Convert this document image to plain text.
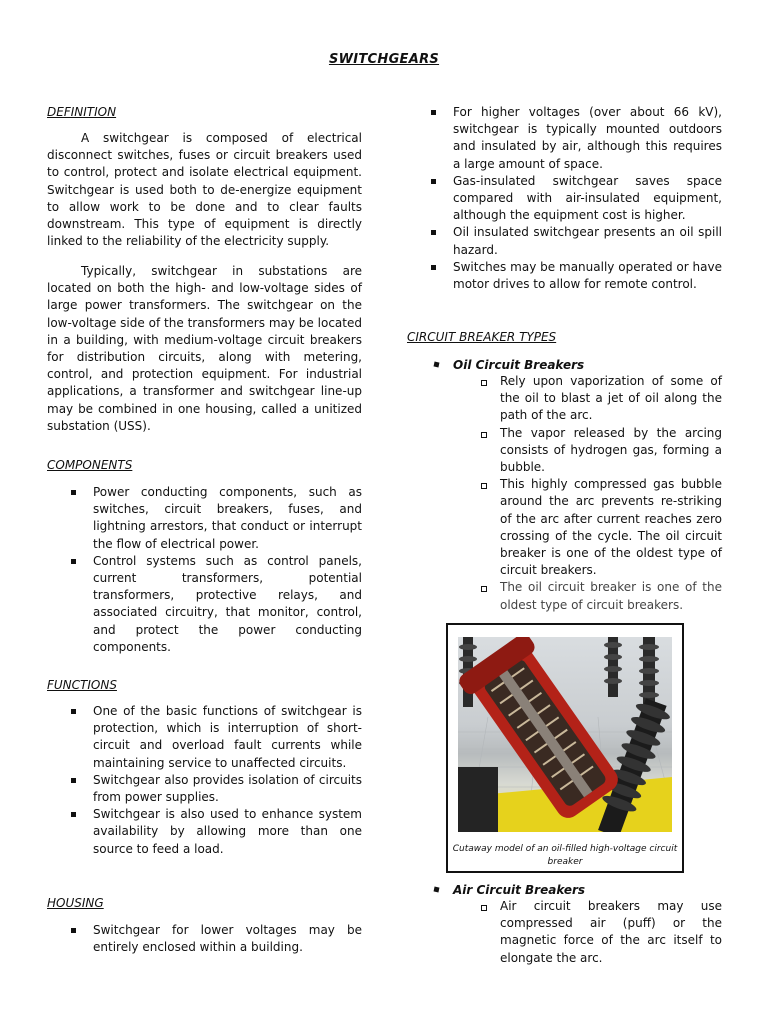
SWITCHGEARS
DEFINITION

A switchgear is composed of electrical disconnect switches, fuses or circuit breakers used to control, protect and isolate electrical equipment. Switchgear is used both to de-energize equipment to allow work to be done and to clear faults downstream. This type of equipment is directly linked to the reliability of the electricity supply.

Typically, switchgear in substations are located on both the high- and low-voltage sides of large power transformers. The switchgear on the low-voltage side of the transformers may be located in a building, with medium-voltage circuit breakers for distribution circuits, along with metering, control, and protection equipment. For industrial applications, a transformer and switchgear line-up may be combined in one housing, called a unitized substation (USS).

COMPONENTS
Power conducting components, such as switches, circuit breakers, fuses, and lightning arrestors, that conduct or interrupt the flow of electrical power.
Control systems such as control panels, current transformers, potential transformers, protective relays, and associated circuitry, that monitor, control, and protect the power conducting components.
FUNCTIONS
One of the basic functions of switchgear is protection, which is interruption of short-circuit and overload fault currents while maintaining service to unaffected circuits.
Switchgear also provides isolation of circuits from power supplies.
Switchgear is also used to enhance system availability by allowing more than one source to feed a load.
HOUSING
Switchgear for lower voltages may be entirely enclosed within a building.
For higher voltages (over about 66 kV), switchgear is typically mounted outdoors and insulated by air, although this requires a large amount of space.
Gas-insulated switchgear saves space compared with air-insulated equipment, although the equipment cost is higher.
Oil insulated switchgear presents an oil spill hazard.
Switches may be manually operated or have motor drives to allow for remote control.
CIRCUIT BREAKER TYPES
Oil Circuit Breakers
Rely upon vaporization of some of the oil to blast a jet of oil along the path of the arc.
The vapor released by the arcing consists of hydrogen gas, forming a bubble.
This highly compressed gas bubble around the arc prevents re-striking of the arc after current reaches zero crossing of the cycle. The oil circuit breaker is one of the oldest type of circuit breakers.
The oil circuit breaker is one of the oldest type of circuit breakers.
Air Circuit Breakers
Air circuit breakers may use compressed air (puff) or the magnetic force of the arc itself to elongate the arc.
Cutaway model of an oil-filled high-voltage circuit breaker
